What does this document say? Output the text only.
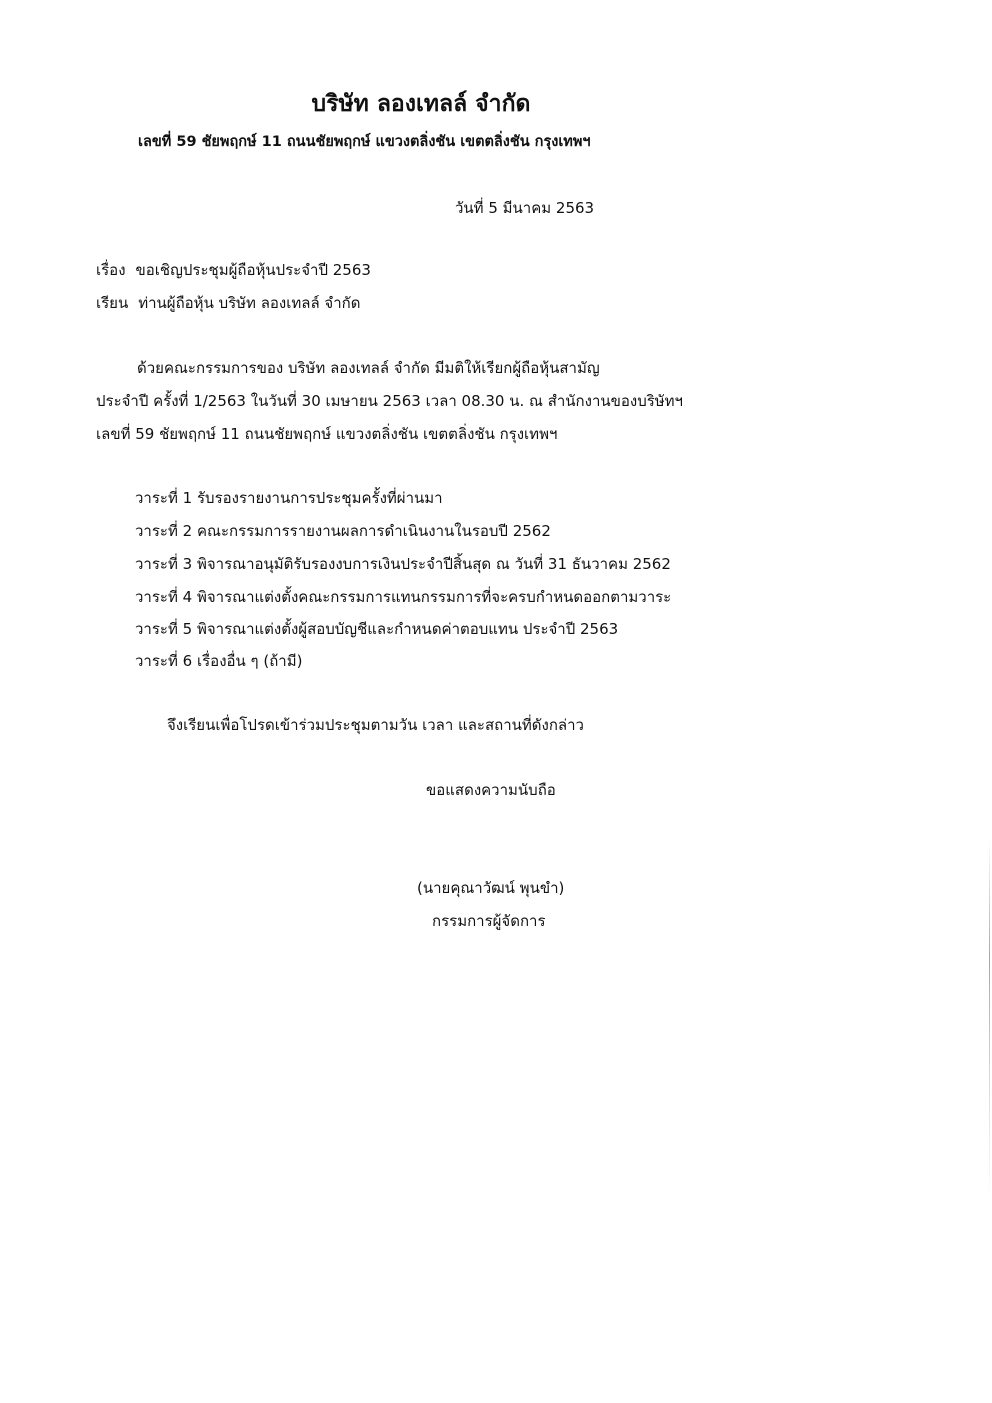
บริษัท ลองเทลล์ จำกัด
เลขที่ 59 ชัยพฤกษ์ 11 ถนนชัยพฤกษ์ แขวงตลิ่งชัน เขตตลิ่งชัน กรุงเทพฯ
วันที่ 5 มีนาคม 2563
เรื่อง ขอเชิญประชุมผู้ถือหุ้นประจำปี 2563
เรียน ท่านผู้ถือหุ้น บริษัท ลองเทลล์ จำกัด
ด้วยคณะกรรมการของ บริษัท ลองเทลล์ จำกัด มีมติให้เรียกผู้ถือหุ้นสามัญ
ประจำปี ครั้งที่ 1/2563 ในวันที่ 30 เมษายน 2563 เวลา 08.30 น. ณ สำนักงานของบริษัทฯ
เลขที่ 59 ชัยพฤกษ์ 11 ถนนชัยพฤกษ์ แขวงตลิ่งชัน เขตตลิ่งชัน กรุงเทพฯ
วาระที่ 1 รับรองรายงานการประชุมครั้งที่ผ่านมา
วาระที่ 2 คณะกรรมการรายงานผลการดำเนินงานในรอบปี 2562
วาระที่ 3 พิจารณาอนุมัติรับรองงบการเงินประจำปีสิ้นสุด ณ วันที่ 31 ธันวาคม 2562
วาระที่ 4 พิจารณาแต่งตั้งคณะกรรมการแทนกรรมการที่จะครบกำหนดออกตามวาระ
วาระที่ 5 พิจารณาแต่งตั้งผู้สอบบัญชีและกำหนดค่าตอบแทน ประจำปี 2563
วาระที่ 6 เรื่องอื่น ๆ (ถ้ามี)
จึงเรียนเพื่อโปรดเข้าร่วมประชุมตามวัน เวลา และสถานที่ดังกล่าว
ขอแสดงความนับถือ
(นายคุณาวัฒน์ พุนขำ)
กรรมการผู้จัดการ
